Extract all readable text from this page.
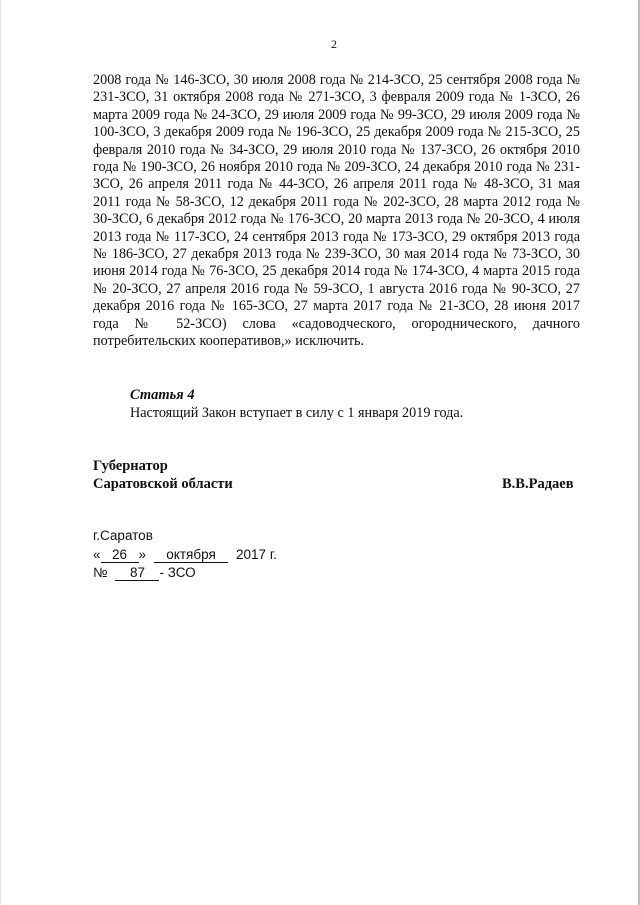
2

2008 года № 146-ЗСО, 30 июля 2008 года № 214-ЗСО, 25 сентября 2008 года № 231-ЗСО, 31 октября 2008 года № 271-ЗСО, 3 февраля 2009 года № 1-ЗСО, 26 марта 2009 года № 24-ЗСО, 29 июля 2009 года № 99-ЗСО, 29 июля 2009 года № 100-ЗСО, 3 декабря 2009 года № 196-ЗСО, 25 декабря 2009 года № 215-ЗСО, 25 февраля 2010 года № 34-ЗСО, 29 июля 2010 года № 137-ЗСО, 26 октября 2010 года № 190-ЗСО, 26 ноября 2010 года № 209-ЗСО, 24 декабря 2010 года № 231-ЗСО, 26 апреля 2011 года № 44-ЗСО, 26 апреля 2011 года № 48-ЗСО, 31 мая 2011 года № 58-ЗСО, 12 декабря 2011 года № 202-ЗСО, 28 марта 2012 года № 30-ЗСО, 6 декабря 2012 года № 176-ЗСО, 20 марта 2013 года № 20-ЗСО, 4 июля 2013 года № 117-ЗСО, 24 сентября 2013 года № 173-ЗСО, 29 октября 2013 года № 186-ЗСО, 27 декабря 2013 года № 239-ЗСО, 30 мая 2014 года № 73-ЗСО, 30 июня 2014 года № 76-ЗСО, 25 декабря 2014 года № 174-ЗСО, 4 марта 2015 года № 20-ЗСО, 27 апреля 2016 года № 59-ЗСО, 1 августа 2016 года № 90-ЗСО, 27 декабря 2016 года № 165-ЗСО, 27 марта 2017 года № 21-ЗСО, 28 июня 2017 года № 52-ЗСО) слова «садоводческого, огороднического, дачного потребительских кооперативов,» исключить.

Статья 4

Настоящий Закон вступает в силу с 1 января 2019 года.

Губернатор
Саратовской области	В.В.Радаев
г.Саратов
« 26 » октября 2017 г.
№ 87 - ЗСО
